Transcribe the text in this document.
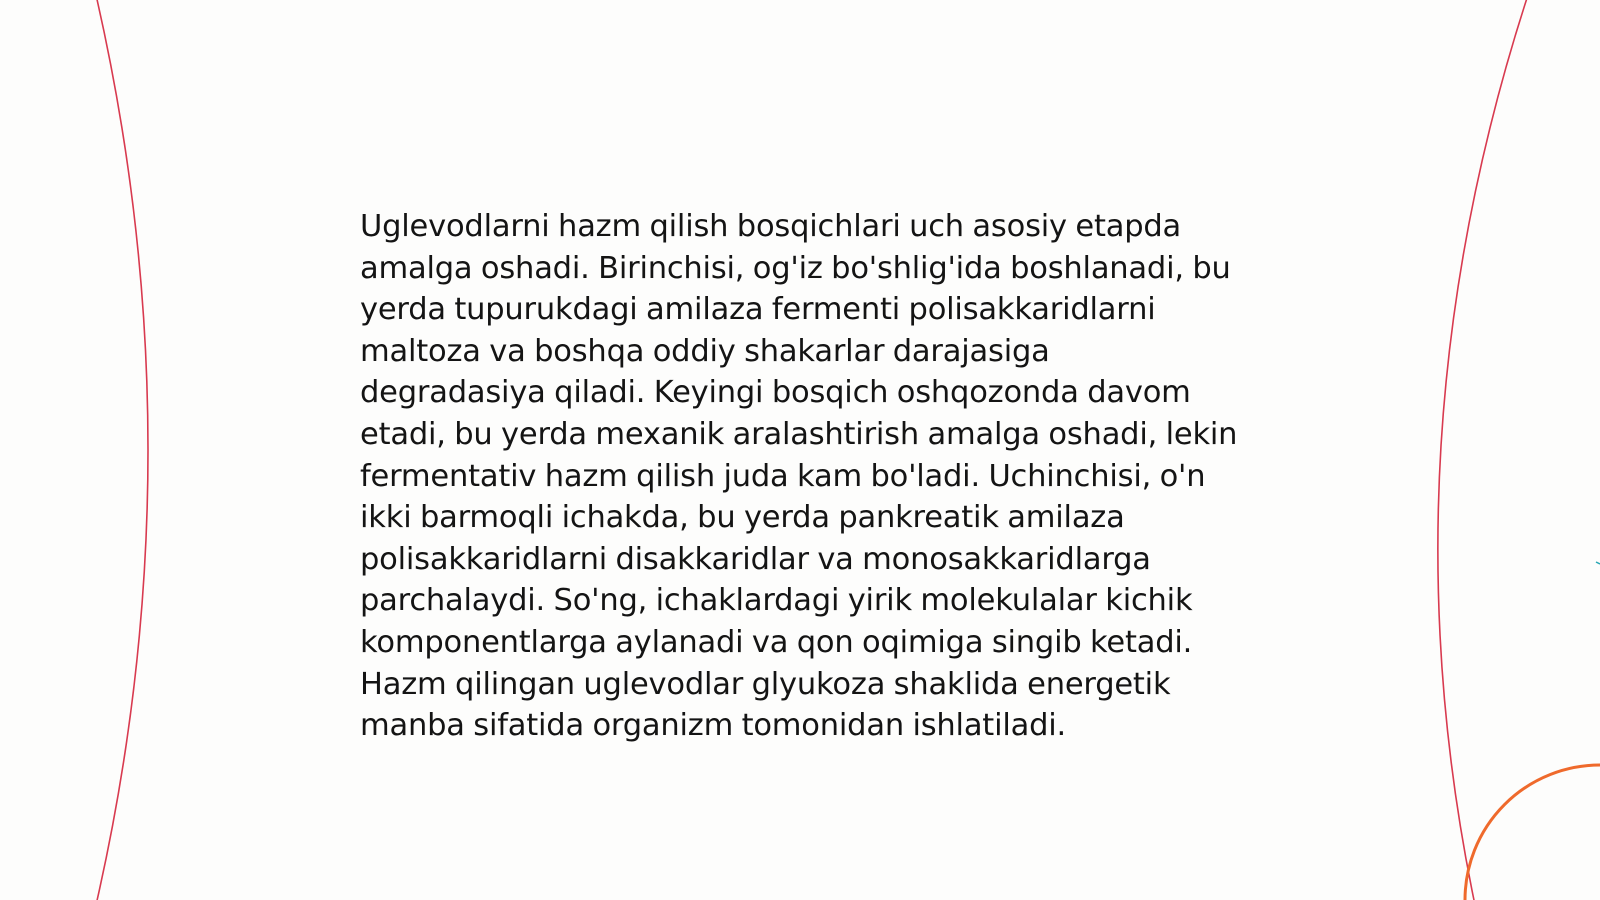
Uglevodlarni hazm qilish bosqichlari uch asosiy etapda amalga oshadi. Birinchisi, og'iz bo'shlig'ida boshlanadi, bu yerda tupurukdagi amilaza fermenti polisakkaridlarni maltoza va boshqa oddiy shakarlar darajasiga degradasiya qiladi. Keyingi bosqich oshqozonda davom etadi, bu yerda mexanik aralashtirish amalga oshadi, lekin fermentativ hazm qilish juda kam bo'ladi. Uchinchisi, o'n ikki barmoqli ichakda, bu yerda pankreatik amilaza polisakkaridlarni disakkaridlar va monosakkaridlarga parchalaydi. So'ng, ichaklardagi yirik molekulalar kichik komponentlarga aylanadi va qon oqimiga singib ketadi. Hazm qilingan uglevodlar glyukoza shaklida energetik manba sifatida organizm tomonidan ishlatiladi.
